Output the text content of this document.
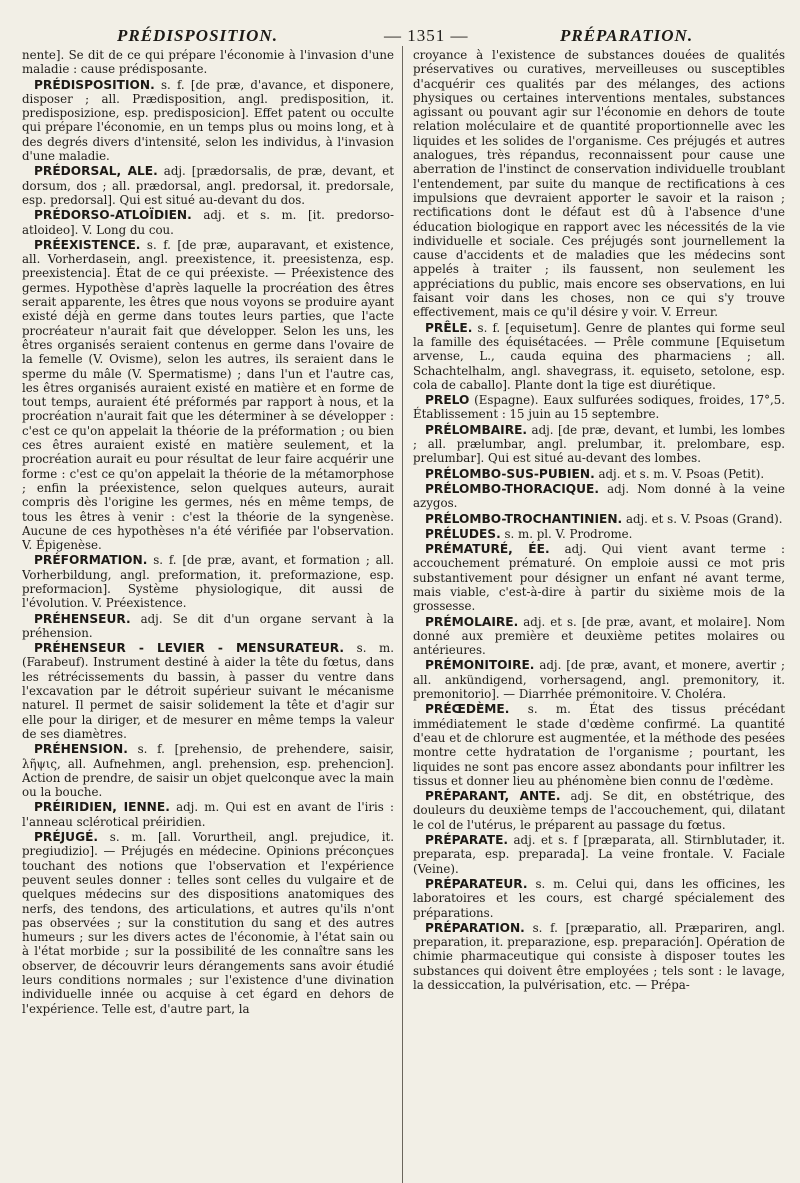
PRÉDISPOSITION.	— 1351 —	PRÉPARATION.

nente]. Se dit de ce qui prépare l'économie à l'invasion d'une maladie : cause prédisposante.

PRÉDISPOSITION. s. f. [de præ, d'avance, et disponere, disposer ; all. Prædisposition, angl. predisposition, it. predisposizione, esp. predisposicion]. Effet patent ou occulte qui prépare l'économie, en un temps plus ou moins long, et à des degrés divers d'intensité, selon les individus, à l'invasion d'une maladie.

PRÉDORSAL, ALE. adj. [prædorsalis, de præ, devant, et dorsum, dos ; all. prædorsal, angl. predorsal, it. predorsale, esp. predorsal]. Qui est situé au-devant du dos.

PRÉDORSO-ATLOÏDIEN. adj. et s. m. [it. predorso-atloideo]. V. Long du cou.

PRÉEXISTENCE. s. f. [de præ, auparavant, et existence, all. Vorherdasein, angl. preexistence, it. preesistenza, esp. preexistencia]. État de ce qui préexiste. — Préexistence des germes. Hypothèse d'après laquelle la procréation des êtres serait apparente, les êtres que nous voyons se produire ayant existé déjà en germe dans toutes leurs parties, que l'acte procréateur n'aurait fait que développer. Selon les uns, les êtres organisés seraient contenus en germe dans l'ovaire de la femelle (V. Ovisme), selon les autres, ils seraient dans le sperme du mâle (V. Spermatisme) ; dans l'un et l'autre cas, les êtres organisés auraient existé en matière et en forme de tout temps, auraient été préformés par rapport à nous, et la procréation n'aurait fait que les déterminer à se développer : c'est ce qu'on appelait la théorie de la préformation ; ou bien ces êtres auraient existé en matière seulement, et la procréation aurait eu pour résultat de leur faire acquérir une forme : c'est ce qu'on appelait la théorie de la métamorphose ; enfin la préexistence, selon quelques auteurs, aurait compris dès l'origine les germes, nés en même temps, de tous les êtres à venir : c'est la théorie de la syngenèse. Aucune de ces hypothèses n'a été vérifiée par l'observation. V. Épigenèse.

PRÉFORMATION. s. f. [de præ, avant, et formation ; all. Vorherbildung, angl. preformation, it. preformazione, esp. preformacion]. Système physiologique, dit aussi de l'évolution. V. Préexistence.

PRÉHENSEUR. adj. Se dit d'un organe servant à la préhension.

PRÉHENSEUR - LEVIER - MENSURATEUR. s. m. (Farabeuf). Instrument destiné à aider la tête du fœtus, dans les rétrécissements du bassin, à passer du ventre dans l'excavation par le détroit supérieur suivant le mécanisme naturel. Il permet de saisir solidement la tête et d'agir sur elle pour la diriger, et de mesurer en même temps la valeur de ses diamètres.

PRÉHENSION. s. f. [prehensio, de prehendere, saisir, λῆψις, all. Aufnehmen, angl. prehension, esp. prehencion]. Action de prendre, de saisir un objet quelconque avec la main ou la bouche.

PRÉIRIDIEN, IENNE. adj. m. Qui est en avant de l'iris : l'anneau sclérotical préiridien.

PRÉJUGÉ. s. m. [all. Vorurtheil, angl. prejudice, it. pregiudizio]. — Préjugés en médecine. Opinions préconçues touchant des notions que l'observation et l'expérience peuvent seules donner : telles sont celles du vulgaire et de quelques médecins sur des dispositions anatomiques des nerfs, des tendons, des articulations, et autres qu'ils n'ont pas observées ; sur la constitution du sang et des autres humeurs ; sur les divers actes de l'économie, à l'état sain ou à l'état morbide ; sur la possibilité de les connaître sans les observer, de découvrir leurs dérangements sans avoir étudié leurs conditions normales ; sur l'existence d'une divination individuelle innée ou acquise à cet égard en dehors de l'expérience. Telle est, d'autre part, la

croyance à l'existence de substances douées de qualités préservatives ou curatives, merveilleuses ou susceptibles d'acquérir ces qualités par des mélanges, des actions physiques ou certaines interventions mentales, substances agissant ou pouvant agir sur l'économie en dehors de toute relation moléculaire et de quantité proportionnelle avec les liquides et les solides de l'organisme. Ces préjugés et autres analogues, très répandus, reconnaissent pour cause une aberration de l'instinct de conservation individuelle troublant l'entendement, par suite du manque de rectifications à ces impulsions que devraient apporter le savoir et la raison ; rectifications dont le défaut est dû à l'absence d'une éducation biologique en rapport avec les nécessités de la vie individuelle et sociale. Ces préjugés sont journellement la cause d'accidents et de maladies que les médecins sont appelés à traiter ; ils faussent, non seulement les appréciations du public, mais encore ses observations, en lui faisant voir dans les choses, non ce qui s'y trouve effectivement, mais ce qu'il désire y voir. V. Erreur.

PRÊLE. s. f. [equisetum]. Genre de plantes qui forme seul la famille des équisétacées. — Prêle commune [Equisetum arvense, L., cauda equina des pharmaciens ; all. Schachtelhalm, angl. shavegrass, it. equiseto, setolone, esp. cola de caballo]. Plante dont la tige est diurétique.

PRELO (Espagne). Eaux sulfurées sodiques, froides, 17°,5. Établissement : 15 juin au 15 septembre.

PRÉLOMBAIRE. adj. [de præ, devant, et lumbi, les lombes ; all. prælumbar, angl. prelumbar, it. prelombare, esp. prelumbar]. Qui est situé au-devant des lombes.

PRÉLOMBO-SUS-PUBIEN. adj. et s. m. V. Psoas (Petit).

PRÉLOMBO-THORACIQUE. adj. Nom donné à la veine azygos.

PRÉLOMBO-TROCHANTINIEN. adj. et s. V. Psoas (Grand).

PRÉLUDES. s. m. pl. V. Prodrome.

PRÉMATURÉ, ÉE. adj. Qui vient avant terme : accouchement prématuré. On emploie aussi ce mot pris substantivement pour désigner un enfant né avant terme, mais viable, c'est-à-dire à partir du sixième mois de la grossesse.

PRÉMOLAIRE. adj. et s. [de præ, avant, et molaire]. Nom donné aux première et deuxième petites molaires ou antérieures.

PRÉMONITOIRE. adj. [de præ, avant, et monere, avertir ; all. ankündigend, vorhersagend, angl. premonitory, it. premonitorio]. — Diarrhée prémonitoire. V. Choléra.

PRÉŒDÈME. s. m. État des tissus précédant immédiatement le stade d'œdème confirmé. La quantité d'eau et de chlorure est augmentée, et la méthode des pesées montre cette hydratation de l'organisme ; pourtant, les liquides ne sont pas encore assez abondants pour infiltrer les tissus et donner lieu au phénomène bien connu de l'œdème.

PRÉPARANT, ANTE. adj. Se dit, en obstétrique, des douleurs du deuxième temps de l'accouchement, qui, dilatant le col de l'utérus, le préparent au passage du fœtus.

PRÉPARATE. adj. et s. f [præparata, all. Stirnblutader, it. preparata, esp. preparada]. La veine frontale. V. Faciale (Veine).

PRÉPARATEUR. s. m. Celui qui, dans les officines, les laboratoires et les cours, est chargé spécialement des préparations.

PRÉPARATION. s. f. [præparatio, all. Præpariren, angl. preparation, it. preparazione, esp. preparación]. Opération de chimie pharmaceutique qui consiste à disposer toutes les substances qui doivent être employées ; tels sont : le lavage, la dessiccation, la pulvérisation, etc. — Prépa-
